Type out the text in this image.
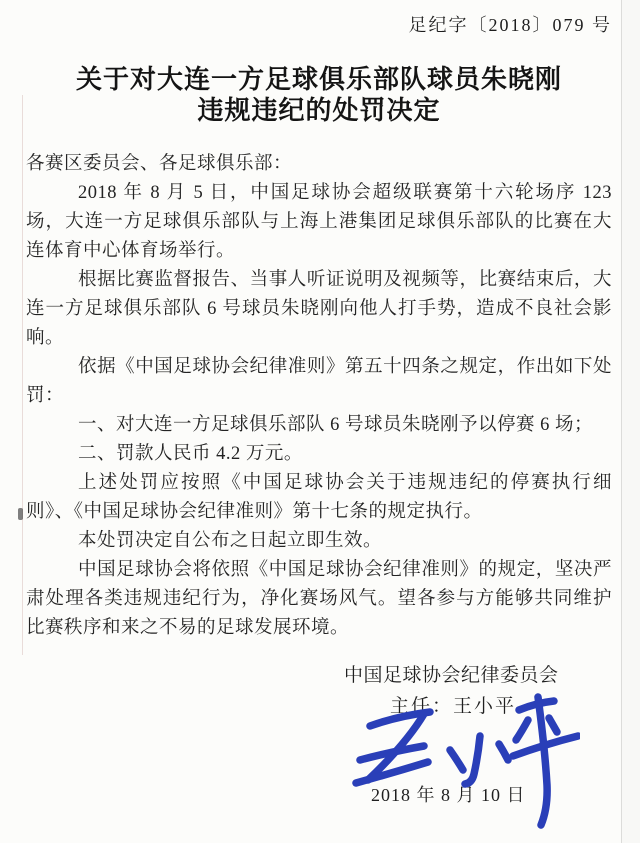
足纪字〔2018〕079 号
关于对大连一方足球俱乐部队球员朱晓刚
违规违纪的处罚决定

各赛区委员会、各足球俱乐部：

2018 年 8 月 5 日，中国足球协会超级联赛第十六轮场序 123 场，大连一方足球俱乐部队与上海上港集团足球俱乐部队的比赛在大连体育中心体育场举行。

根据比赛监督报告、当事人听证说明及视频等，比赛结束后，大连一方足球俱乐部队 6 号球员朱晓刚向他人打手势，造成不良社会影响。

依据《中国足球协会纪律准则》第五十四条之规定，作出如下处罚：

一、对大连一方足球俱乐部队 6 号球员朱晓刚予以停赛 6 场；

二、罚款人民币 4.2 万元。

上述处罚应按照《中国足球协会关于违规违纪的停赛执行细则》、《中国足球协会纪律准则》第十七条的规定执行。

本处罚决定自公布之日起立即生效。

中国足球协会将依照《中国足球协会纪律准则》的规定，坚决严肃处理各类违规违纪行为，净化赛场风气。望各参与方能够共同维护比赛秩序和来之不易的足球发展环境。

中国足球协会纪律委员会
主任：王小平
2018 年 8 月 10 日
